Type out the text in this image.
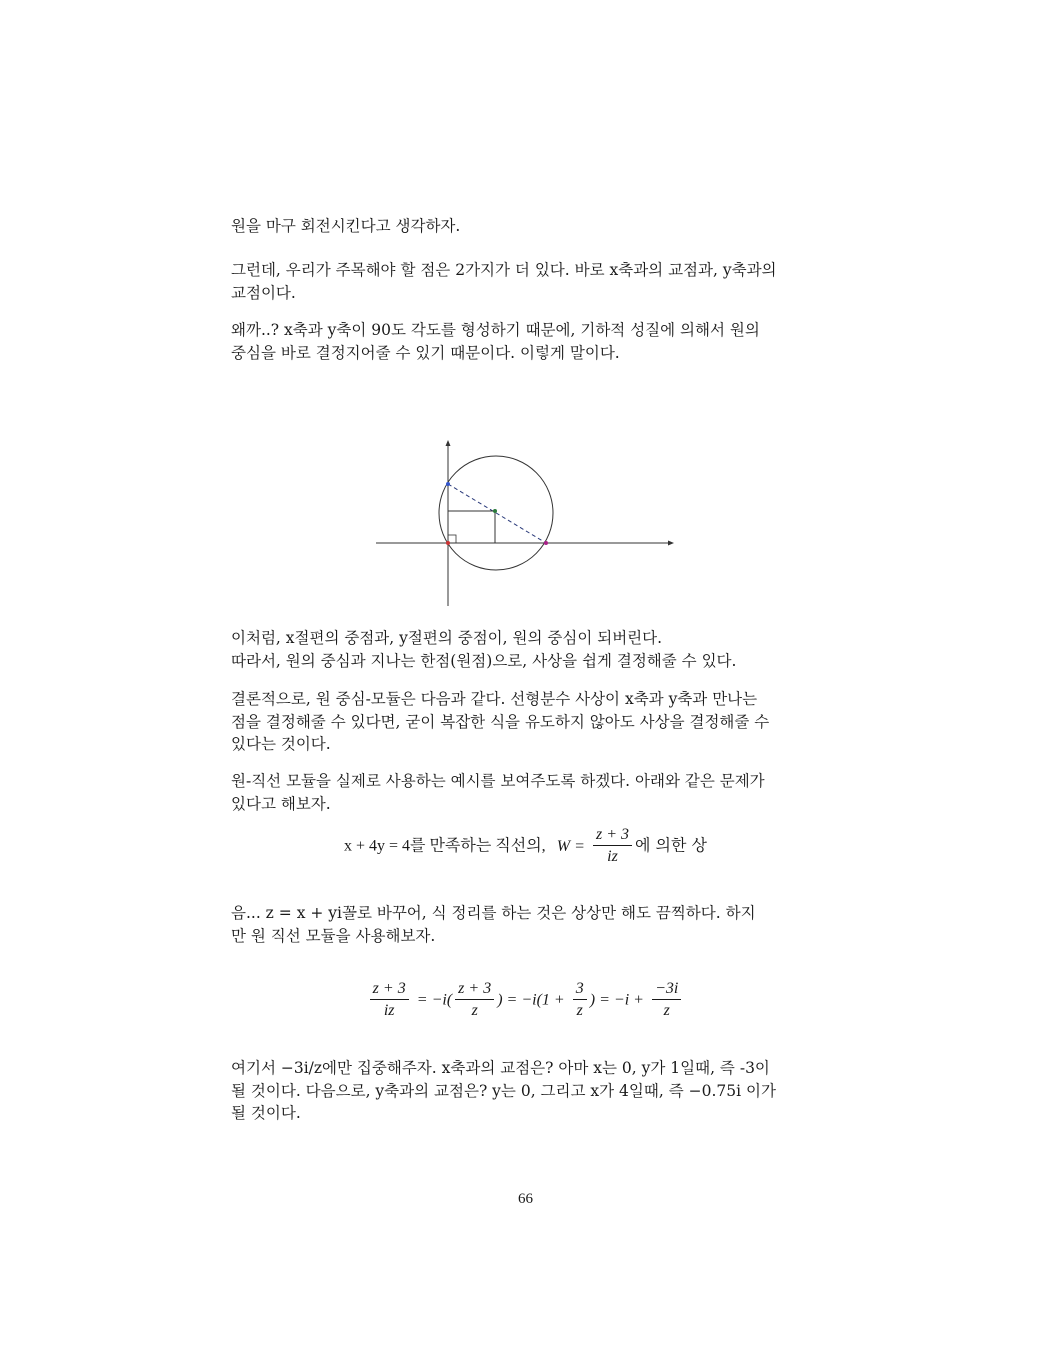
원을 마구 회전시킨다고 생각하자.

그런데, 우리가 주목해야 할 점은 2가지가 더 있다. 바로 x축과의 교점과, y축과의
교점이다.

왜까..? x축과 y축이 90도 각도를 형성하기 때문에, 기하적 성질에 의해서 원의
중심을 바로 결정지어줄 수 있기 때문이다. 이렇게 말이다.

이처럼, x절편의 중점과, y절편의 중점이, 원의 중심이 되버린다.
따라서, 원의 중심과 지나는 한점(원점)으로, 사상을 쉽게 결정해줄 수 있다.

결론적으로, 원 중심-모듈은 다음과 같다. 선형분수 사상이 x축과 y축과 만나는
점을 결정해줄 수 있다면, 굳이 복잡한 식을 유도하지 않아도 사상을 결정해줄 수
있다는 것이다.

원-직선 모듈을 실제로 사용하는 예시를 보여주도록 하겠다. 아래와 같은 문제가
있다고 해보자.

x + 4y = 4를 만족하는 직선의, $W = \frac{z + 3}{iz}$ 에 의한 상

음... z = x + yi꼴로 바꾸어, 식 정리를 하는 것은 상상만 해도 끔찍하다. 하지
만 원 직선 모듈을 사용해보자.

$\frac{z + 3}{iz} = -i( \frac{z + 3}{z}$ ) = $-i(1 + \frac{3}{z}$ ) = $-i + \frac{-3i}{z}$

여기서 −3i/z에만 집중해주자. x축과의 교점은? 아마 x는 0, y가 1일때, 즉 -3이
될 것이다. 다음으로, y축과의 교점은? y는 0, 그리고 x가 4일때, 즉 −0.75i 이가
될 것이다.

66
